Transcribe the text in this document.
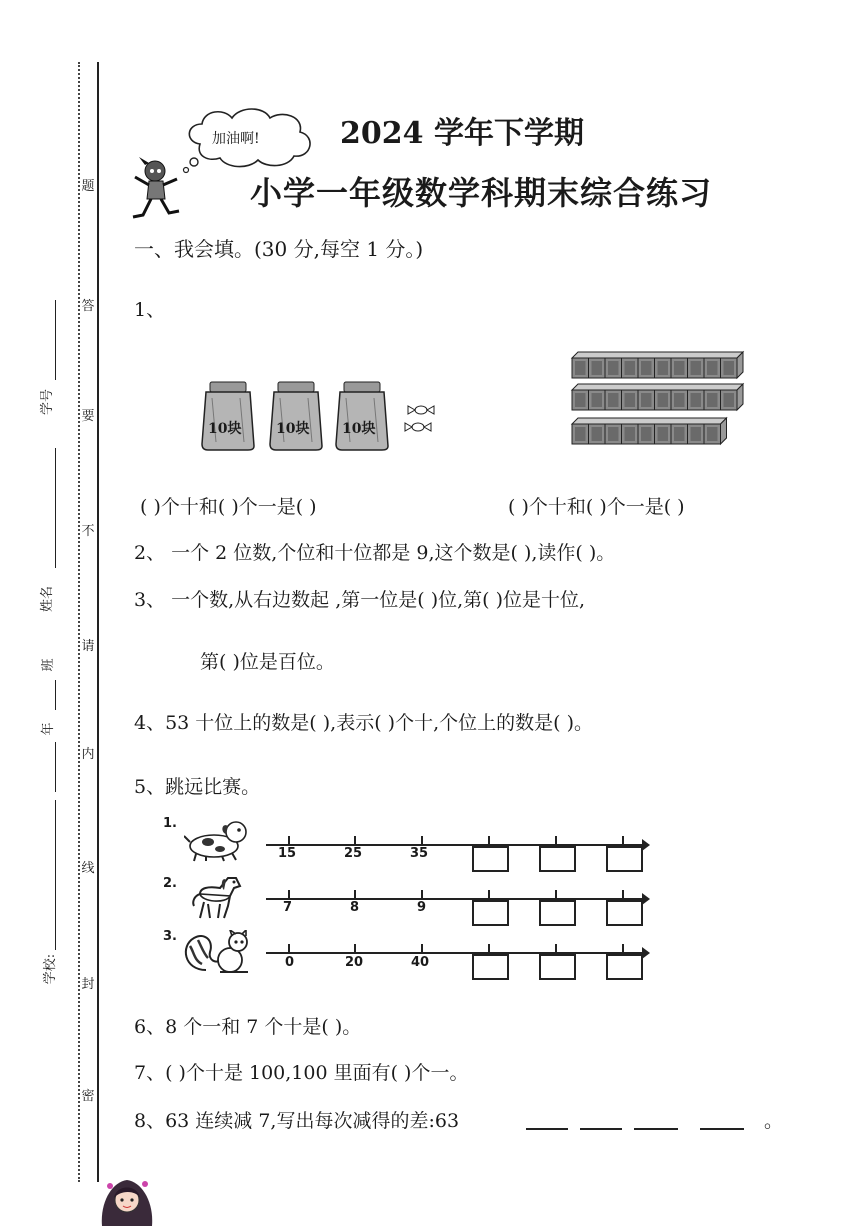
题
答
要
不
请
内
线
封
密
学号
姓名
班
年
学校:
加油啊!	2024 学年下学期
小学一年级数学科期末综合练习
一、我会填。(30 分,每空 1 分。)
1、
10块 10块 10块
( )个十和( )个一是( )	( )个十和( )个一是( )
2、 一个 2 位数,个位和十位都是 9,这个数是( ),读作( )。
3、 一个数,从右边数起 ,第一位是( )位,第( )位是十位,
第( )位是百位。
4、53 十位上的数是( ),表示( )个十,个位上的数是( )。
5、跳远比赛。
1.
2.
3.
15	25	35
7	8	9
0	20	40
6、8 个一和 7 个十是( )。
7、( )个十是 100,100 里面有( )个一。
8、63 连续减 7,写出每次减得的差:63	。
